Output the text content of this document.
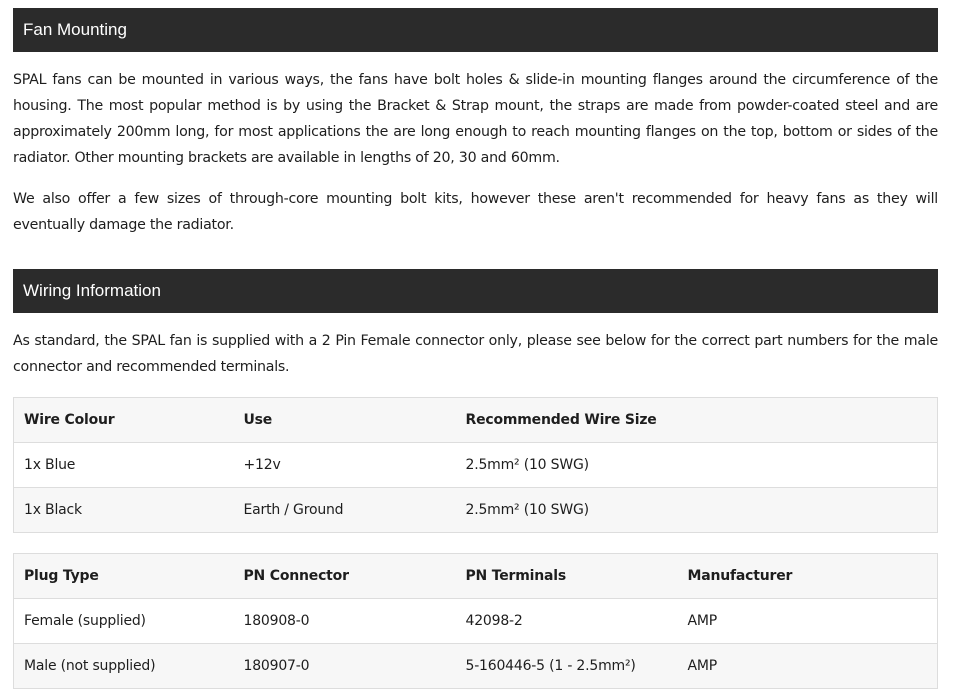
Fan Mounting

SPAL fans can be mounted in various ways, the fans have bolt holes & slide-in mounting flanges around the circumference of the housing. The most popular method is by using the Bracket & Strap mount, the straps are made from powder-coated steel and are approximately 200mm long, for most applications the are long enough to reach mounting flanges on the top, bottom or sides of the radiator. Other mounting brackets are available in lengths of 20, 30 and 60mm.

We also offer a few sizes of through-core mounting bolt kits, however these aren't recommended for heavy fans as they will eventually damage the radiator.

Wiring Information

As standard, the SPAL fan is supplied with a 2 Pin Female connector only, please see below for the correct part numbers for the male connector and recommended terminals.

Wire Colour	Use	Recommended Wire Size
1x Blue	+12v	2.5mm² (10 SWG)
1x Black	Earth / Ground	2.5mm² (10 SWG)
Plug Type	PN Connector	PN Terminals	Manufacturer
Female (supplied)	180908-0	42098-2	AMP
Male (not supplied)	180907-0	5-160446-5 (1 - 2.5mm²)	AMP
